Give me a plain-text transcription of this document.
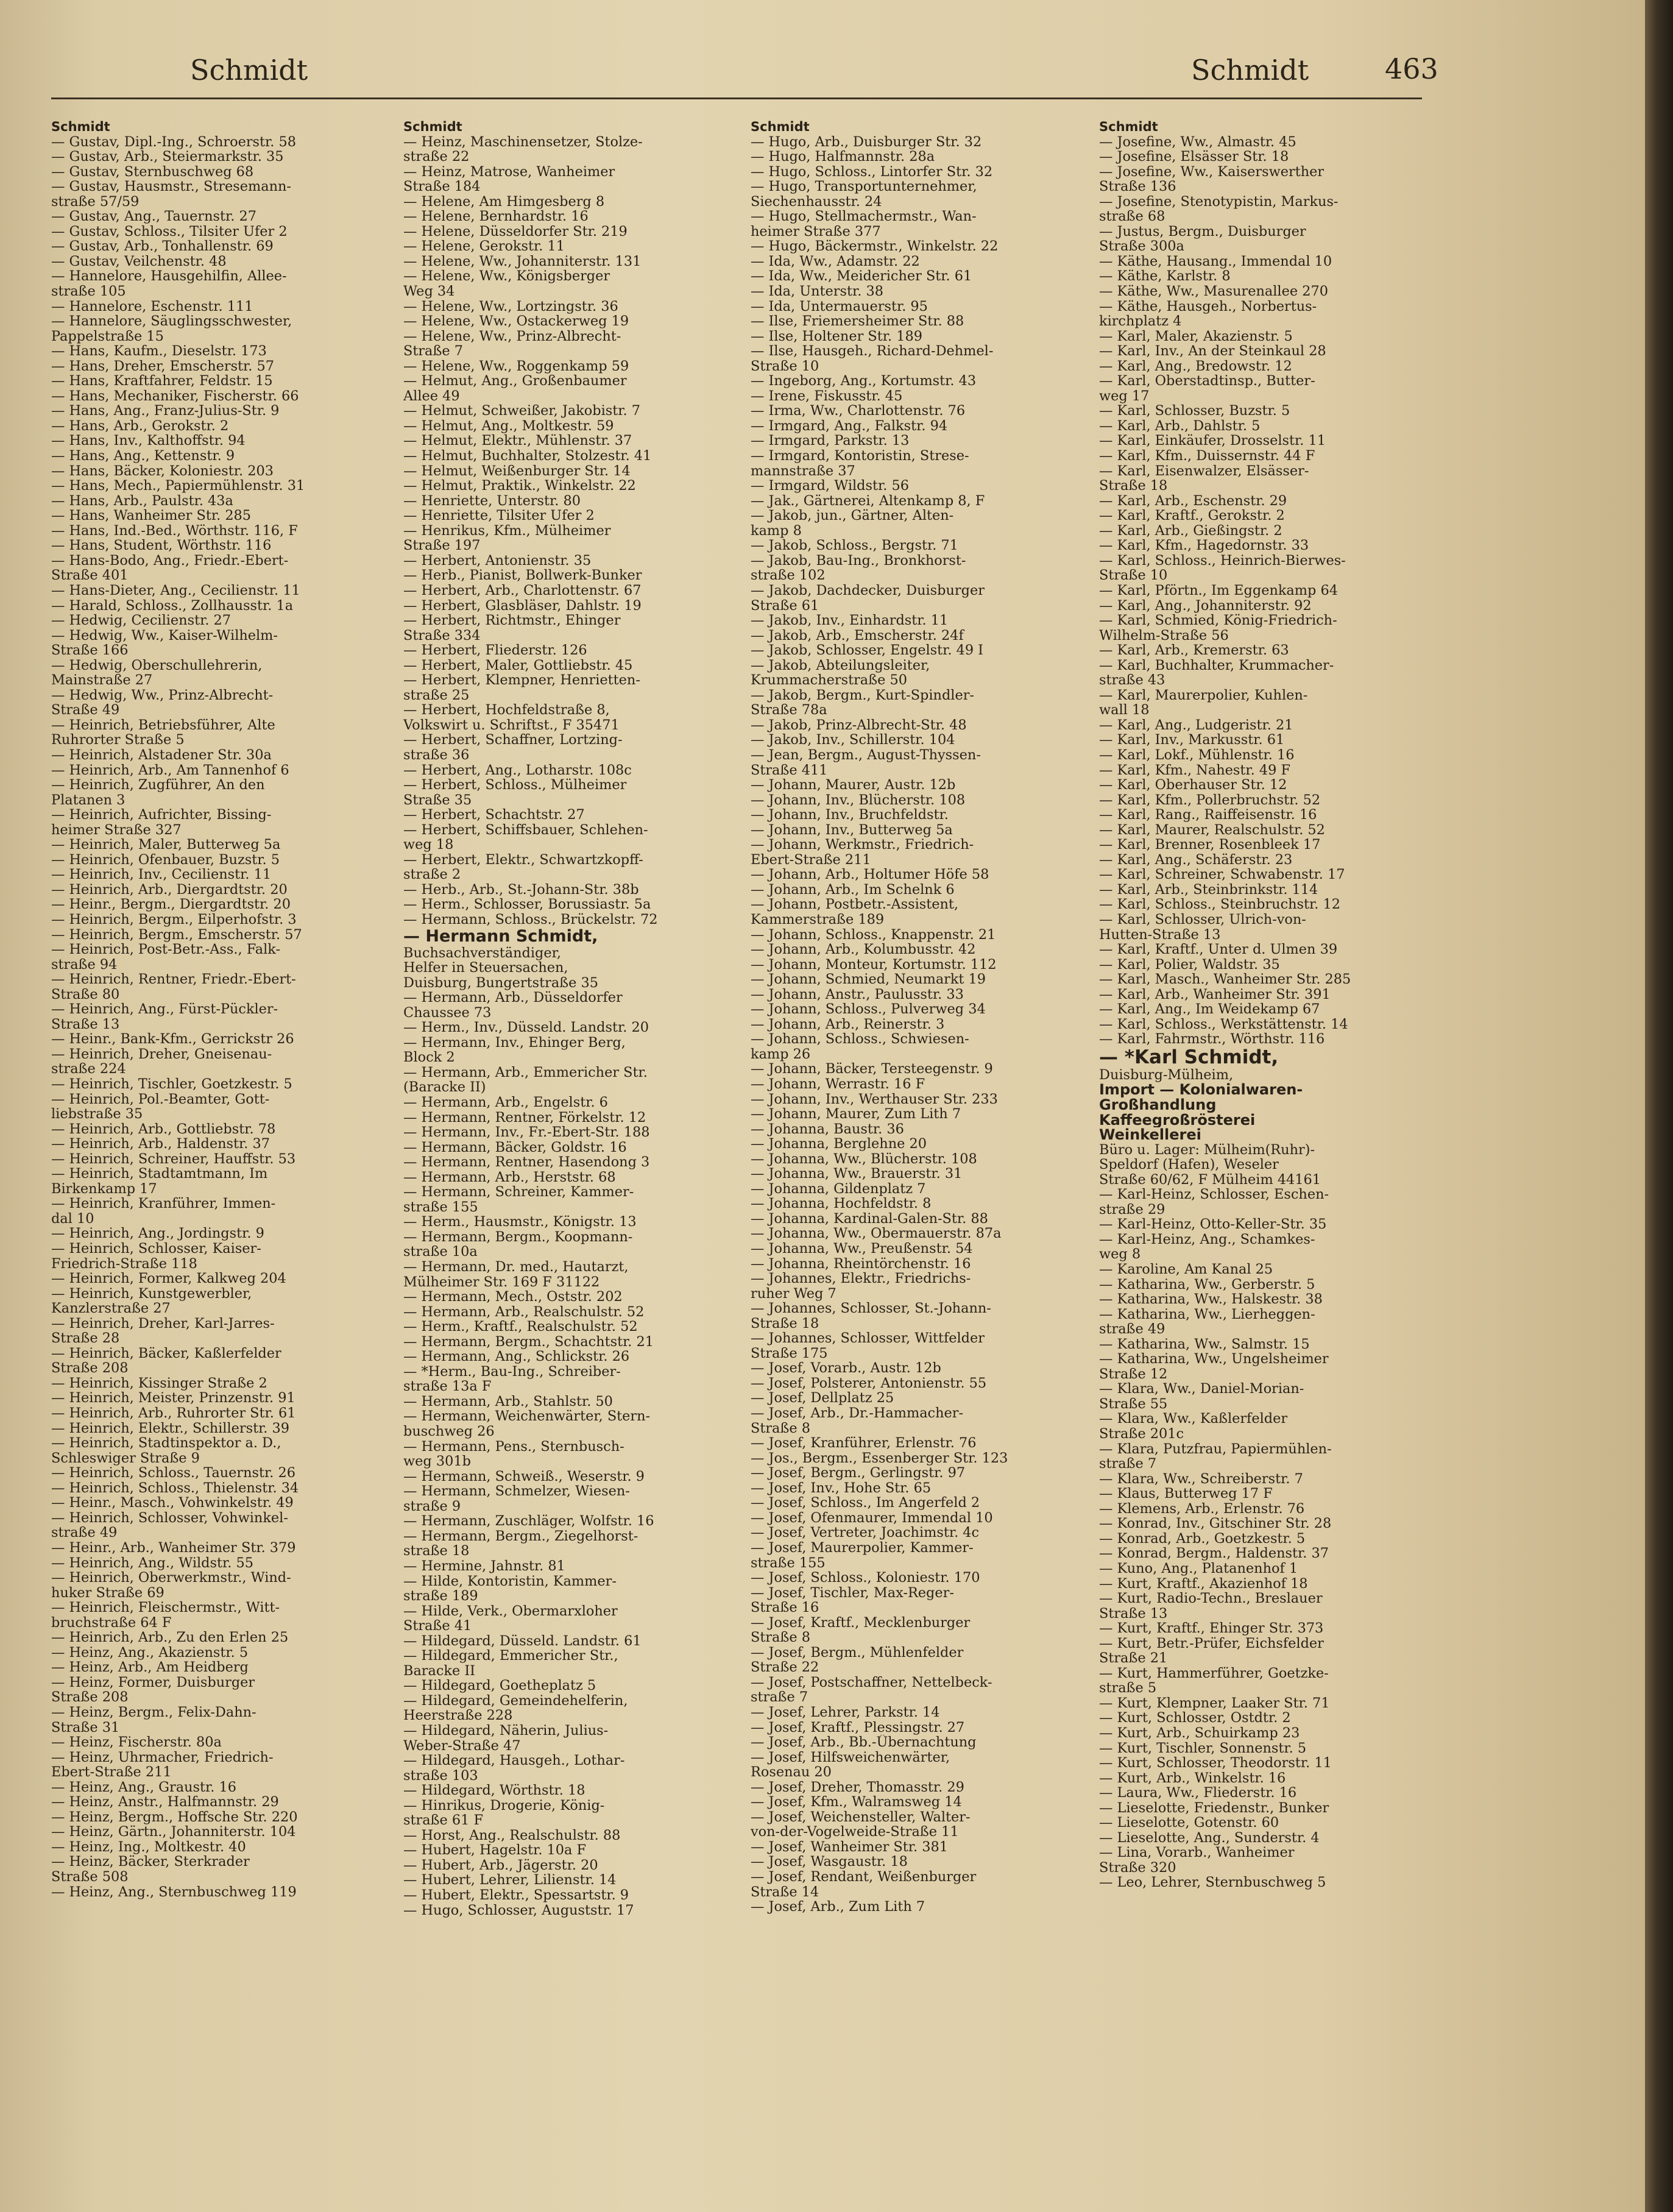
Schmidt	Schmidt	463
Schmidt
— Gustav, Dipl.-Ing., Schroerstr. 58
— Gustav, Arb., Steiermarkstr. 35
— Gustav, Sternbuschweg 68
— Gustav, Hausmstr., Stresemann-
straße 57/59
— Gustav, Ang., Tauernstr. 27
— Gustav, Schloss., Tilsiter Ufer 2
— Gustav, Arb., Tonhallenstr. 69
— Gustav, Veilchenstr. 48
— Hannelore, Hausgehilfin, Allee-
straße 105
— Hannelore, Eschenstr. 111
— Hannelore, Säuglingsschwester,
Pappelstraße 15
— Hans, Kaufm., Dieselstr. 173
— Hans, Dreher, Emscherstr. 57
— Hans, Kraftfahrer, Feldstr. 15
— Hans, Mechaniker, Fischerstr. 66
— Hans, Ang., Franz-Julius-Str. 9
— Hans, Arb., Gerokstr. 2
— Hans, Inv., Kalthoffstr. 94
— Hans, Ang., Kettenstr. 9
— Hans, Bäcker, Koloniestr. 203
— Hans, Mech., Papiermühlenstr. 31
— Hans, Arb., Paulstr. 43a
— Hans, Wanheimer Str. 285
— Hans, Ind.-Bed., Wörthstr. 116, F
— Hans, Student, Wörthstr. 116
— Hans-Bodo, Ang., Friedr.-Ebert-
Straße 401
— Hans-Dieter, Ang., Cecilienstr. 11
— Harald, Schloss., Zollhausstr. 1a
— Hedwig, Cecilienstr. 27
— Hedwig, Ww., Kaiser-Wilhelm-
Straße 166
— Hedwig, Oberschullehrerin,
Mainstraße 27
— Hedwig, Ww., Prinz-Albrecht-
Straße 49
— Heinrich, Betriebsführer, Alte
Ruhrorter Straße 5
— Heinrich, Alstadener Str. 30a
— Heinrich, Arb., Am Tannenhof 6
— Heinrich, Zugführer, An den
Platanen 3
— Heinrich, Aufrichter, Bissing-
heimer Straße 327
— Heinrich, Maler, Butterweg 5a
— Heinrich, Ofenbauer, Buzstr. 5
— Heinrich, Inv., Cecilienstr. 11
— Heinrich, Arb., Diergardtstr. 20
— Heinr., Bergm., Diergardtstr. 20
— Heinrich, Bergm., Eilperhofstr. 3
— Heinrich, Bergm., Emscherstr. 57
— Heinrich, Post-Betr.-Ass., Falk-
straße 94
— Heinrich, Rentner, Friedr.-Ebert-
Straße 80
— Heinrich, Ang., Fürst-Pückler-
Straße 13
— Heinr., Bank-Kfm., Gerrickstr 26
— Heinrich, Dreher, Gneisenau-
straße 224
— Heinrich, Tischler, Goetzkestr. 5
— Heinrich, Pol.-Beamter, Gott-
liebstraße 35
— Heinrich, Arb., Gottliebstr. 78
— Heinrich, Arb., Haldenstr. 37
— Heinrich, Schreiner, Hauffstr. 53
— Heinrich, Stadtamtmann, Im
Birkenkamp 17
— Heinrich, Kranführer, Immen-
dal 10
— Heinrich, Ang., Jordingstr. 9
— Heinrich, Schlosser, Kaiser-
Friedrich-Straße 118
— Heinrich, Former, Kalkweg 204
— Heinrich, Kunstgewerbler,
Kanzlerstraße 27
— Heinrich, Dreher, Karl-Jarres-
Straße 28
— Heinrich, Bäcker, Kaßlerfelder
Straße 208
— Heinrich, Kissinger Straße 2
— Heinrich, Meister, Prinzenstr. 91
— Heinrich, Arb., Ruhrorter Str. 61
— Heinrich, Elektr., Schillerstr. 39
— Heinrich, Stadtinspektor a. D.,
Schleswiger Straße 9
— Heinrich, Schloss., Tauernstr. 26
— Heinrich, Schloss., Thielenstr. 34
— Heinr., Masch., Vohwinkelstr. 49
— Heinrich, Schlosser, Vohwinkel-
straße 49
— Heinr., Arb., Wanheimer Str. 379
— Heinrich, Ang., Wildstr. 55
— Heinrich, Oberwerkmstr., Wind-
huker Straße 69
— Heinrich, Fleischermstr., Witt-
bruchstraße 64 F
— Heinrich, Arb., Zu den Erlen 25
— Heinz, Ang., Akazienstr. 5
— Heinz, Arb., Am Heidberg
— Heinz, Former, Duisburger
Straße 208
— Heinz, Bergm., Felix-Dahn-
Straße 31
— Heinz, Fischerstr. 80a
— Heinz, Uhrmacher, Friedrich-
Ebert-Straße 211
— Heinz, Ang., Graustr. 16
— Heinz, Anstr., Halfmannstr. 29
— Heinz, Bergm., Hoffsche Str. 220
— Heinz, Gärtn., Johanniterstr. 104
— Heinz, Ing., Moltkestr. 40
— Heinz, Bäcker, Sterkrader
Straße 508
— Heinz, Ang., Sternbuschweg 119
Schmidt
— Heinz, Maschinensetzer, Stolze-
straße 22
— Heinz, Matrose, Wanheimer
Straße 184
— Helene, Am Himgesberg 8
— Helene, Bernhardstr. 16
— Helene, Düsseldorfer Str. 219
— Helene, Gerokstr. 11
— Helene, Ww., Johanniterstr. 131
— Helene, Ww., Königsberger
Weg 34
— Helene, Ww., Lortzingstr. 36
— Helene, Ww., Ostackerweg 19
— Helene, Ww., Prinz-Albrecht-
Straße 7
— Helene, Ww., Roggenkamp 59
— Helmut, Ang., Großenbaumer
Allee 49
— Helmut, Schweißer, Jakobistr. 7
— Helmut, Ang., Moltkestr. 59
— Helmut, Elektr., Mühlenstr. 37
— Helmut, Buchhalter, Stolzestr. 41
— Helmut, Weißenburger Str. 14
— Helmut, Praktik., Winkelstr. 22
— Henriette, Unterstr. 80
— Henriette, Tilsiter Ufer 2
— Henrikus, Kfm., Mülheimer
Straße 197
— Herbert, Antonienstr. 35
— Herb., Pianist, Bollwerk-Bunker
— Herbert, Arb., Charlottenstr. 67
— Herbert, Glasbläser, Dahlstr. 19
— Herbert, Richtmstr., Ehinger
Straße 334
— Herbert, Fliederstr. 126
— Herbert, Maler, Gottliebstr. 45
— Herbert, Klempner, Henrietten-
straße 25
— Herbert, Hochfeldstraße 8,
Volkswirt u. Schriftst., F 35471
— Herbert, Schaffner, Lortzing-
straße 36
— Herbert, Ang., Lotharstr. 108c
— Herbert, Schloss., Mülheimer
Straße 35
— Herbert, Schachtstr. 27
— Herbert, Schiffsbauer, Schlehen-
weg 18
— Herbert, Elektr., Schwartzkopff-
straße 2
— Herb., Arb., St.-Johann-Str. 38b
— Herm., Schlosser, Borussiastr. 5a
— Hermann, Schloss., Brückelstr. 72
— Hermann Schmidt,
Buchsachverständiger,
Helfer in Steuersachen,
Duisburg, Bungertstraße 35
— Hermann, Arb., Düsseldorfer
Chaussee 73
— Herm., Inv., Düsseld. Landstr. 20
— Hermann, Inv., Ehinger Berg,
Block 2
— Hermann, Arb., Emmericher Str.
(Baracke II)
— Hermann, Arb., Engelstr. 6
— Hermann, Rentner, Förkelstr. 12
— Hermann, Inv., Fr.-Ebert-Str. 188
— Hermann, Bäcker, Goldstr. 16
— Hermann, Rentner, Hasendong 3
— Hermann, Arb., Herststr. 68
— Hermann, Schreiner, Kammer-
straße 155
— Herm., Hausmstr., Königstr. 13
— Hermann, Bergm., Koopmann-
straße 10a
— Hermann, Dr. med., Hautarzt,
Mülheimer Str. 169 F 31122
— Hermann, Mech., Oststr. 202
— Hermann, Arb., Realschulstr. 52
— Herm., Kraftf., Realschulstr. 52
— Hermann, Bergm., Schachtstr. 21
— Hermann, Ang., Schlickstr. 26
— *Herm., Bau-Ing., Schreiber-
straße 13a F
— Hermann, Arb., Stahlstr. 50
— Hermann, Weichenwärter, Stern-
buschweg 26
— Hermann, Pens., Sternbusch-
weg 301b
— Hermann, Schweiß., Weserstr. 9
— Hermann, Schmelzer, Wiesen-
straße 9
— Hermann, Zuschläger, Wolfstr. 16
— Hermann, Bergm., Ziegelhorst-
straße 18
— Hermine, Jahnstr. 81
— Hilde, Kontoristin, Kammer-
straße 189
— Hilde, Verk., Obermarxloher
Straße 41
— Hildegard, Düsseld. Landstr. 61
— Hildegard, Emmericher Str.,
Baracke II
— Hildegard, Goetheplatz 5
— Hildegard, Gemeindehelferin,
Heerstraße 228
— Hildegard, Näherin, Julius-
Weber-Straße 47
— Hildegard, Hausgeh., Lothar-
straße 103
— Hildegard, Wörthstr. 18
— Hinrikus, Drogerie, König-
straße 61 F
— Horst, Ang., Realschulstr. 88
— Hubert, Hagelstr. 10a F
— Hubert, Arb., Jägerstr. 20
— Hubert, Lehrer, Lilienstr. 14
— Hubert, Elektr., Spessartstr. 9
— Hugo, Schlosser, Auguststr. 17
Schmidt
— Hugo, Arb., Duisburger Str. 32
— Hugo, Halfmannstr. 28a
— Hugo, Schloss., Lintorfer Str. 32
— Hugo, Transportunternehmer,
Siechenhausstr. 24
— Hugo, Stellmachermstr., Wan-
heimer Straße 377
— Hugo, Bäckermstr., Winkelstr. 22
— Ida, Ww., Adamstr. 22
— Ida, Ww., Meidericher Str. 61
— Ida, Unterstr. 38
— Ida, Untermauerstr. 95
— Ilse, Friemersheimer Str. 88
— Ilse, Holtener Str. 189
— Ilse, Hausgeh., Richard-Dehmel-
Straße 10
— Ingeborg, Ang., Kortumstr. 43
— Irene, Fiskusstr. 45
— Irma, Ww., Charlottenstr. 76
— Irmgard, Ang., Falkstr. 94
— Irmgard, Parkstr. 13
— Irmgard, Kontoristin, Strese-
mannstraße 37
— Irmgard, Wildstr. 56
— Jak., Gärtnerei, Altenkamp 8, F
— Jakob, jun., Gärtner, Alten-
kamp 8
— Jakob, Schloss., Bergstr. 71
— Jakob, Bau-Ing., Bronkhorst-
straße 102
— Jakob, Dachdecker, Duisburger
Straße 61
— Jakob, Inv., Einhardstr. 11
— Jakob, Arb., Emscherstr. 24f
— Jakob, Schlosser, Engelstr. 49 I
— Jakob, Abteilungsleiter,
Krummacherstraße 50
— Jakob, Bergm., Kurt-Spindler-
Straße 78a
— Jakob, Prinz-Albrecht-Str. 48
— Jakob, Inv., Schillerstr. 104
— Jean, Bergm., August-Thyssen-
Straße 411
— Johann, Maurer, Austr. 12b
— Johann, Inv., Blücherstr. 108
— Johann, Inv., Bruchfeldstr.
— Johann, Inv., Butterweg 5a
— Johann, Werkmstr., Friedrich-
Ebert-Straße 211
— Johann, Arb., Holtumer Höfe 58
— Johann, Arb., Im Schelnk 6
— Johann, Postbetr.-Assistent,
Kammerstraße 189
— Johann, Schloss., Knappenstr. 21
— Johann, Arb., Kolumbusstr. 42
— Johann, Monteur, Kortumstr. 112
— Johann, Schmied, Neumarkt 19
— Johann, Anstr., Paulusstr. 33
— Johann, Schloss., Pulverweg 34
— Johann, Arb., Reinerstr. 3
— Johann, Schloss., Schwiesen-
kamp 26
— Johann, Bäcker, Tersteegenstr. 9
— Johann, Werrastr. 16 F
— Johann, Inv., Werthauser Str. 233
— Johann, Maurer, Zum Lith 7
— Johanna, Baustr. 36
— Johanna, Berglehne 20
— Johanna, Ww., Blücherstr. 108
— Johanna, Ww., Brauerstr. 31
— Johanna, Gildenplatz 7
— Johanna, Hochfeldstr. 8
— Johanna, Kardinal-Galen-Str. 88
— Johanna, Ww., Obermauerstr. 87a
— Johanna, Ww., Preußenstr. 54
— Johanna, Rheintörchenstr. 16
— Johannes, Elektr., Friedrichs-
ruher Weg 7
— Johannes, Schlosser, St.-Johann-
Straße 18
— Johannes, Schlosser, Wittfelder
Straße 175
— Josef, Vorarb., Austr. 12b
— Josef, Polsterer, Antonienstr. 55
— Josef, Dellplatz 25
— Josef, Arb., Dr.-Hammacher-
Straße 8
— Josef, Kranführer, Erlenstr. 76
— Jos., Bergm., Essenberger Str. 123
— Josef, Bergm., Gerlingstr. 97
— Josef, Inv., Hohe Str. 65
— Josef, Schloss., Im Angerfeld 2
— Josef, Ofenmaurer, Immendal 10
— Josef, Vertreter, Joachimstr. 4c
— Josef, Maurerpolier, Kammer-
straße 155
— Josef, Schloss., Koloniestr. 170
— Josef, Tischler, Max-Reger-
Straße 16
— Josef, Kraftf., Mecklenburger
Straße 8
— Josef, Bergm., Mühlenfelder
Straße 22
— Josef, Postschaffner, Nettelbeck-
straße 7
— Josef, Lehrer, Parkstr. 14
— Josef, Kraftf., Plessingstr. 27
— Josef, Arb., Bb.-Übernachtung
— Josef, Hilfsweichenwärter,
Rosenau 20
— Josef, Dreher, Thomasstr. 29
— Josef, Kfm., Walramsweg 14
— Josef, Weichensteller, Walter-
von-der-Vogelweide-Straße 11
— Josef, Wanheimer Str. 381
— Josef, Wasgaustr. 18
— Josef, Rendant, Weißenburger
Straße 14
— Josef, Arb., Zum Lith 7
Schmidt
— Josefine, Ww., Almastr. 45
— Josefine, Elsässer Str. 18
— Josefine, Ww., Kaiserswerther
Straße 136
— Josefine, Stenotypistin, Markus-
straße 68
— Justus, Bergm., Duisburger
Straße 300a
— Käthe, Hausang., Immendal 10
— Käthe, Karlstr. 8
— Käthe, Ww., Masurenallee 270
— Käthe, Hausgeh., Norbertus-
kirchplatz 4
— Karl, Maler, Akazienstr. 5
— Karl, Inv., An der Steinkaul 28
— Karl, Ang., Bredowstr. 12
— Karl, Oberstadtinsp., Butter-
weg 17
— Karl, Schlosser, Buzstr. 5
— Karl, Arb., Dahlstr. 5
— Karl, Einkäufer, Drosselstr. 11
— Karl, Kfm., Duissernstr. 44 F
— Karl, Eisenwalzer, Elsässer-
Straße 18
— Karl, Arb., Eschenstr. 29
— Karl, Kraftf., Gerokstr. 2
— Karl, Arb., Gießingstr. 2
— Karl, Kfm., Hagedornstr. 33
— Karl, Schloss., Heinrich-Bierwes-
Straße 10
— Karl, Pförtn., Im Eggenkamp 64
— Karl, Ang., Johanniterstr. 92
— Karl, Schmied, König-Friedrich-
Wilhelm-Straße 56
— Karl, Arb., Kremerstr. 63
— Karl, Buchhalter, Krummacher-
straße 43
— Karl, Maurerpolier, Kuhlen-
wall 18
— Karl, Ang., Ludgeristr. 21
— Karl, Inv., Markusstr. 61
— Karl, Lokf., Mühlenstr. 16
— Karl, Kfm., Nahestr. 49 F
— Karl, Oberhauser Str. 12
— Karl, Kfm., Pollerbruchstr. 52
— Karl, Rang., Raiffeisenstr. 16
— Karl, Maurer, Realschulstr. 52
— Karl, Brenner, Rosenbleek 17
— Karl, Ang., Schäferstr. 23
— Karl, Schreiner, Schwabenstr. 17
— Karl, Arb., Steinbrinkstr. 114
— Karl, Schloss., Steinbruchstr. 12
— Karl, Schlosser, Ulrich-von-
Hutten-Straße 13
— Karl, Kraftf., Unter d. Ulmen 39
— Karl, Polier, Waldstr. 35
— Karl, Masch., Wanheimer Str. 285
— Karl, Arb., Wanheimer Str. 391
— Karl, Ang., Im Weidekamp 67
— Karl, Schloss., Werkstättenstr. 14
— Karl, Fahrmstr., Wörthstr. 116
— *Karl Schmidt,
Duisburg-Mülheim,
Import — Kolonialwaren-
Großhandlung
Kaffeegroßrösterei
Weinkellerei
Büro u. Lager: Mülheim(Ruhr)-
Speldorf (Hafen), Weseler
Straße 60/62, F Mülheim 44161
— Karl-Heinz, Schlosser, Eschen-
straße 29
— Karl-Heinz, Otto-Keller-Str. 35
— Karl-Heinz, Ang., Schamkes-
weg 8
— Karoline, Am Kanal 25
— Katharina, Ww., Gerberstr. 5
— Katharina, Ww., Halskestr. 38
— Katharina, Ww., Lierheggen-
straße 49
— Katharina, Ww., Salmstr. 15
— Katharina, Ww., Ungelsheimer
Straße 12
— Klara, Ww., Daniel-Morian-
Straße 55
— Klara, Ww., Kaßlerfelder
Straße 201c
— Klara, Putzfrau, Papiermühlen-
straße 7
— Klara, Ww., Schreiberstr. 7
— Klaus, Butterweg 17 F
— Klemens, Arb., Erlenstr. 76
— Konrad, Inv., Gitschiner Str. 28
— Konrad, Arb., Goetzkestr. 5
— Konrad, Bergm., Haldenstr. 37
— Kuno, Ang., Platanenhof 1
— Kurt, Kraftf., Akazienhof 18
— Kurt, Radio-Techn., Breslauer
Straße 13
— Kurt, Kraftf., Ehinger Str. 373
— Kurt, Betr.-Prüfer, Eichsfelder
Straße 21
— Kurt, Hammerführer, Goetzke-
straße 5
— Kurt, Klempner, Laaker Str. 71
— Kurt, Schlosser, Ostdtr. 2
— Kurt, Arb., Schuirkamp 23
— Kurt, Tischler, Sonnenstr. 5
— Kurt, Schlosser, Theodorstr. 11
— Kurt, Arb., Winkelstr. 16
— Laura, Ww., Fliederstr. 16
— Lieselotte, Friedenstr., Bunker
— Lieselotte, Gotenstr. 60
— Lieselotte, Ang., Sunderstr. 4
— Lina, Vorarb., Wanheimer
Straße 320
— Leo, Lehrer, Sternbuschweg 5
